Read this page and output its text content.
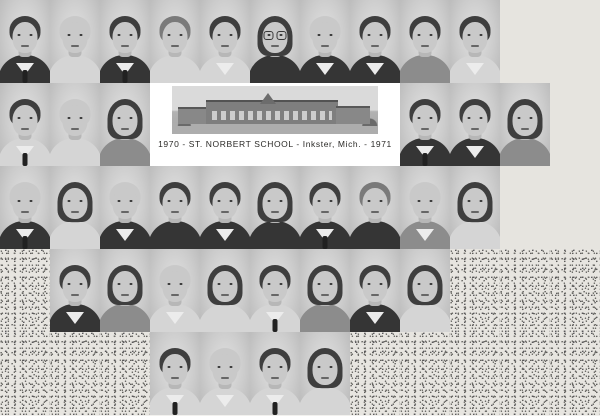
1970 - ST. NORBERT SCHOOL - Inkster, Mich. - 1971
